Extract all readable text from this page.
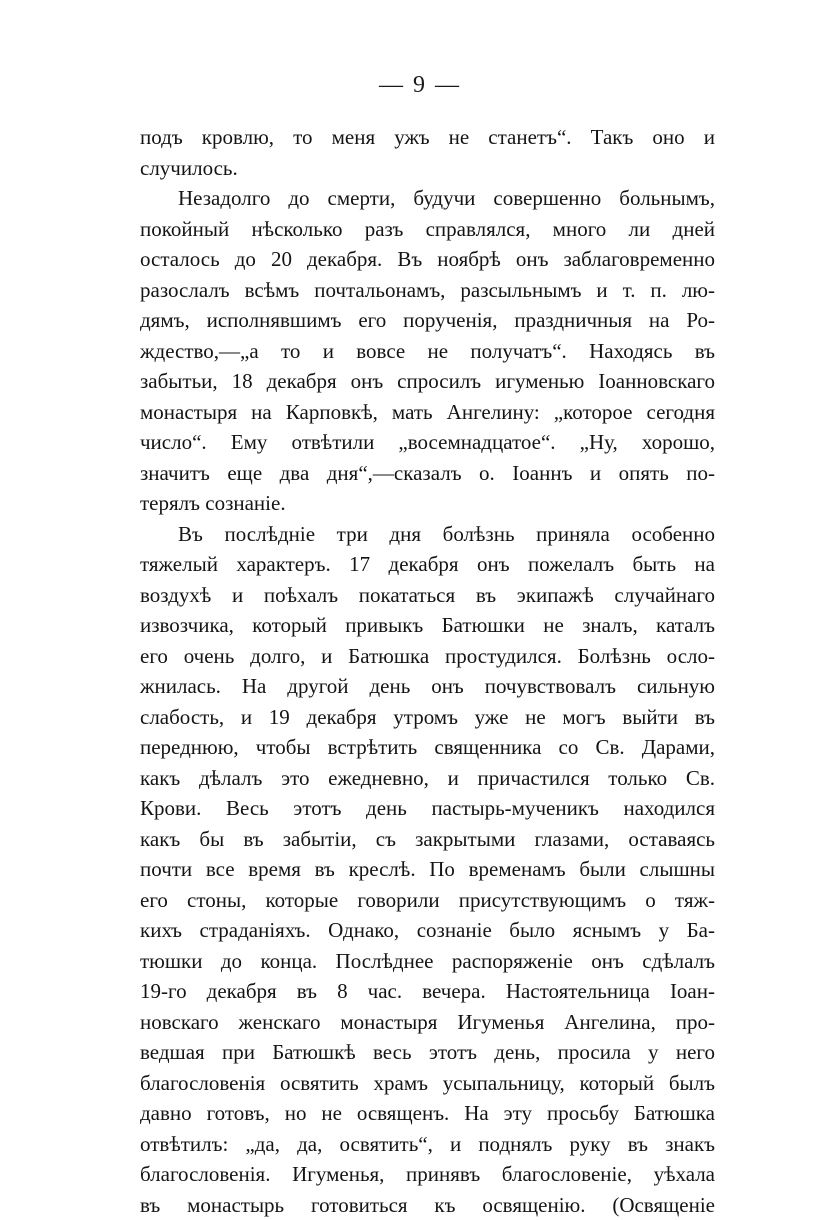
— 9 —
подъ кровлю, то меня ужъ не станетъ“. Такъ оно и
случилось.
Незадолго до смерти, будучи совершенно больнымъ,
покойный нѣсколько разъ справлялся, много ли дней
осталось до 20 декабря. Въ ноябрѣ онъ заблаговременно
разослалъ всѣмъ почтальонамъ, разсыльнымъ и т. п. лю-
дямъ, исполнявшимъ его порученія, праздничныя на Ро-
ждество,—„а то и вовсе не получатъ“. Находясь въ
забытьи, 18 декабря онъ спросилъ игуменью Іоанновскаго
монастыря на Карповкѣ, мать Ангелину: „которое сегодня
число“. Ему отвѣтили „восемнадцатое“. „Ну, хорошо,
значитъ еще два дня“,—сказалъ о. Іоаннъ и опять по-
терялъ сознаніе.
Въ послѣдніе три дня болѣзнь приняла особенно
тяжелый характеръ. 17 декабря онъ пожелалъ быть на
воздухѣ и поѣхалъ покататься въ экипажѣ случайнаго
извозчика, который привыкъ Батюшки не зналъ, каталъ
его очень долго, и Батюшка простудился. Болѣзнь осло-
жнилась. На другой день онъ почувствовалъ сильную
слабость, и 19 декабря утромъ уже не могъ выйти въ
переднюю, чтобы встрѣтить священника со Св. Дарами,
какъ дѣлалъ это ежедневно, и причастился только Св.
Крови. Весь этотъ день пастырь-мученикъ находился
какъ бы въ забытіи, съ закрытыми глазами, оставаясь
почти все время въ креслѣ. По временамъ были слышны
его стоны, которые говорили присутствующимъ о тяж-
кихъ страданіяхъ. Однако, сознаніе было яснымъ у Ба-
тюшки до конца. Послѣднее распоряженіе онъ сдѣлалъ
19-го декабря въ 8 час. вечера. Настоятельница Іоан-
новскаго женскаго монастыря Игуменья Ангелина, про-
ведшая при Батюшкѣ весь этотъ день, просила у него
благословенія освятить храмъ усыпальницу, который былъ
давно готовъ, но не освященъ. На эту просьбу Батюшка
отвѣтилъ: „да, да, освятить“, и поднялъ руку въ знакъ
благословенія. Игуменья, принявъ благословеніе, уѣхала
въ монастырь готовиться къ освященію. (Освященіе
